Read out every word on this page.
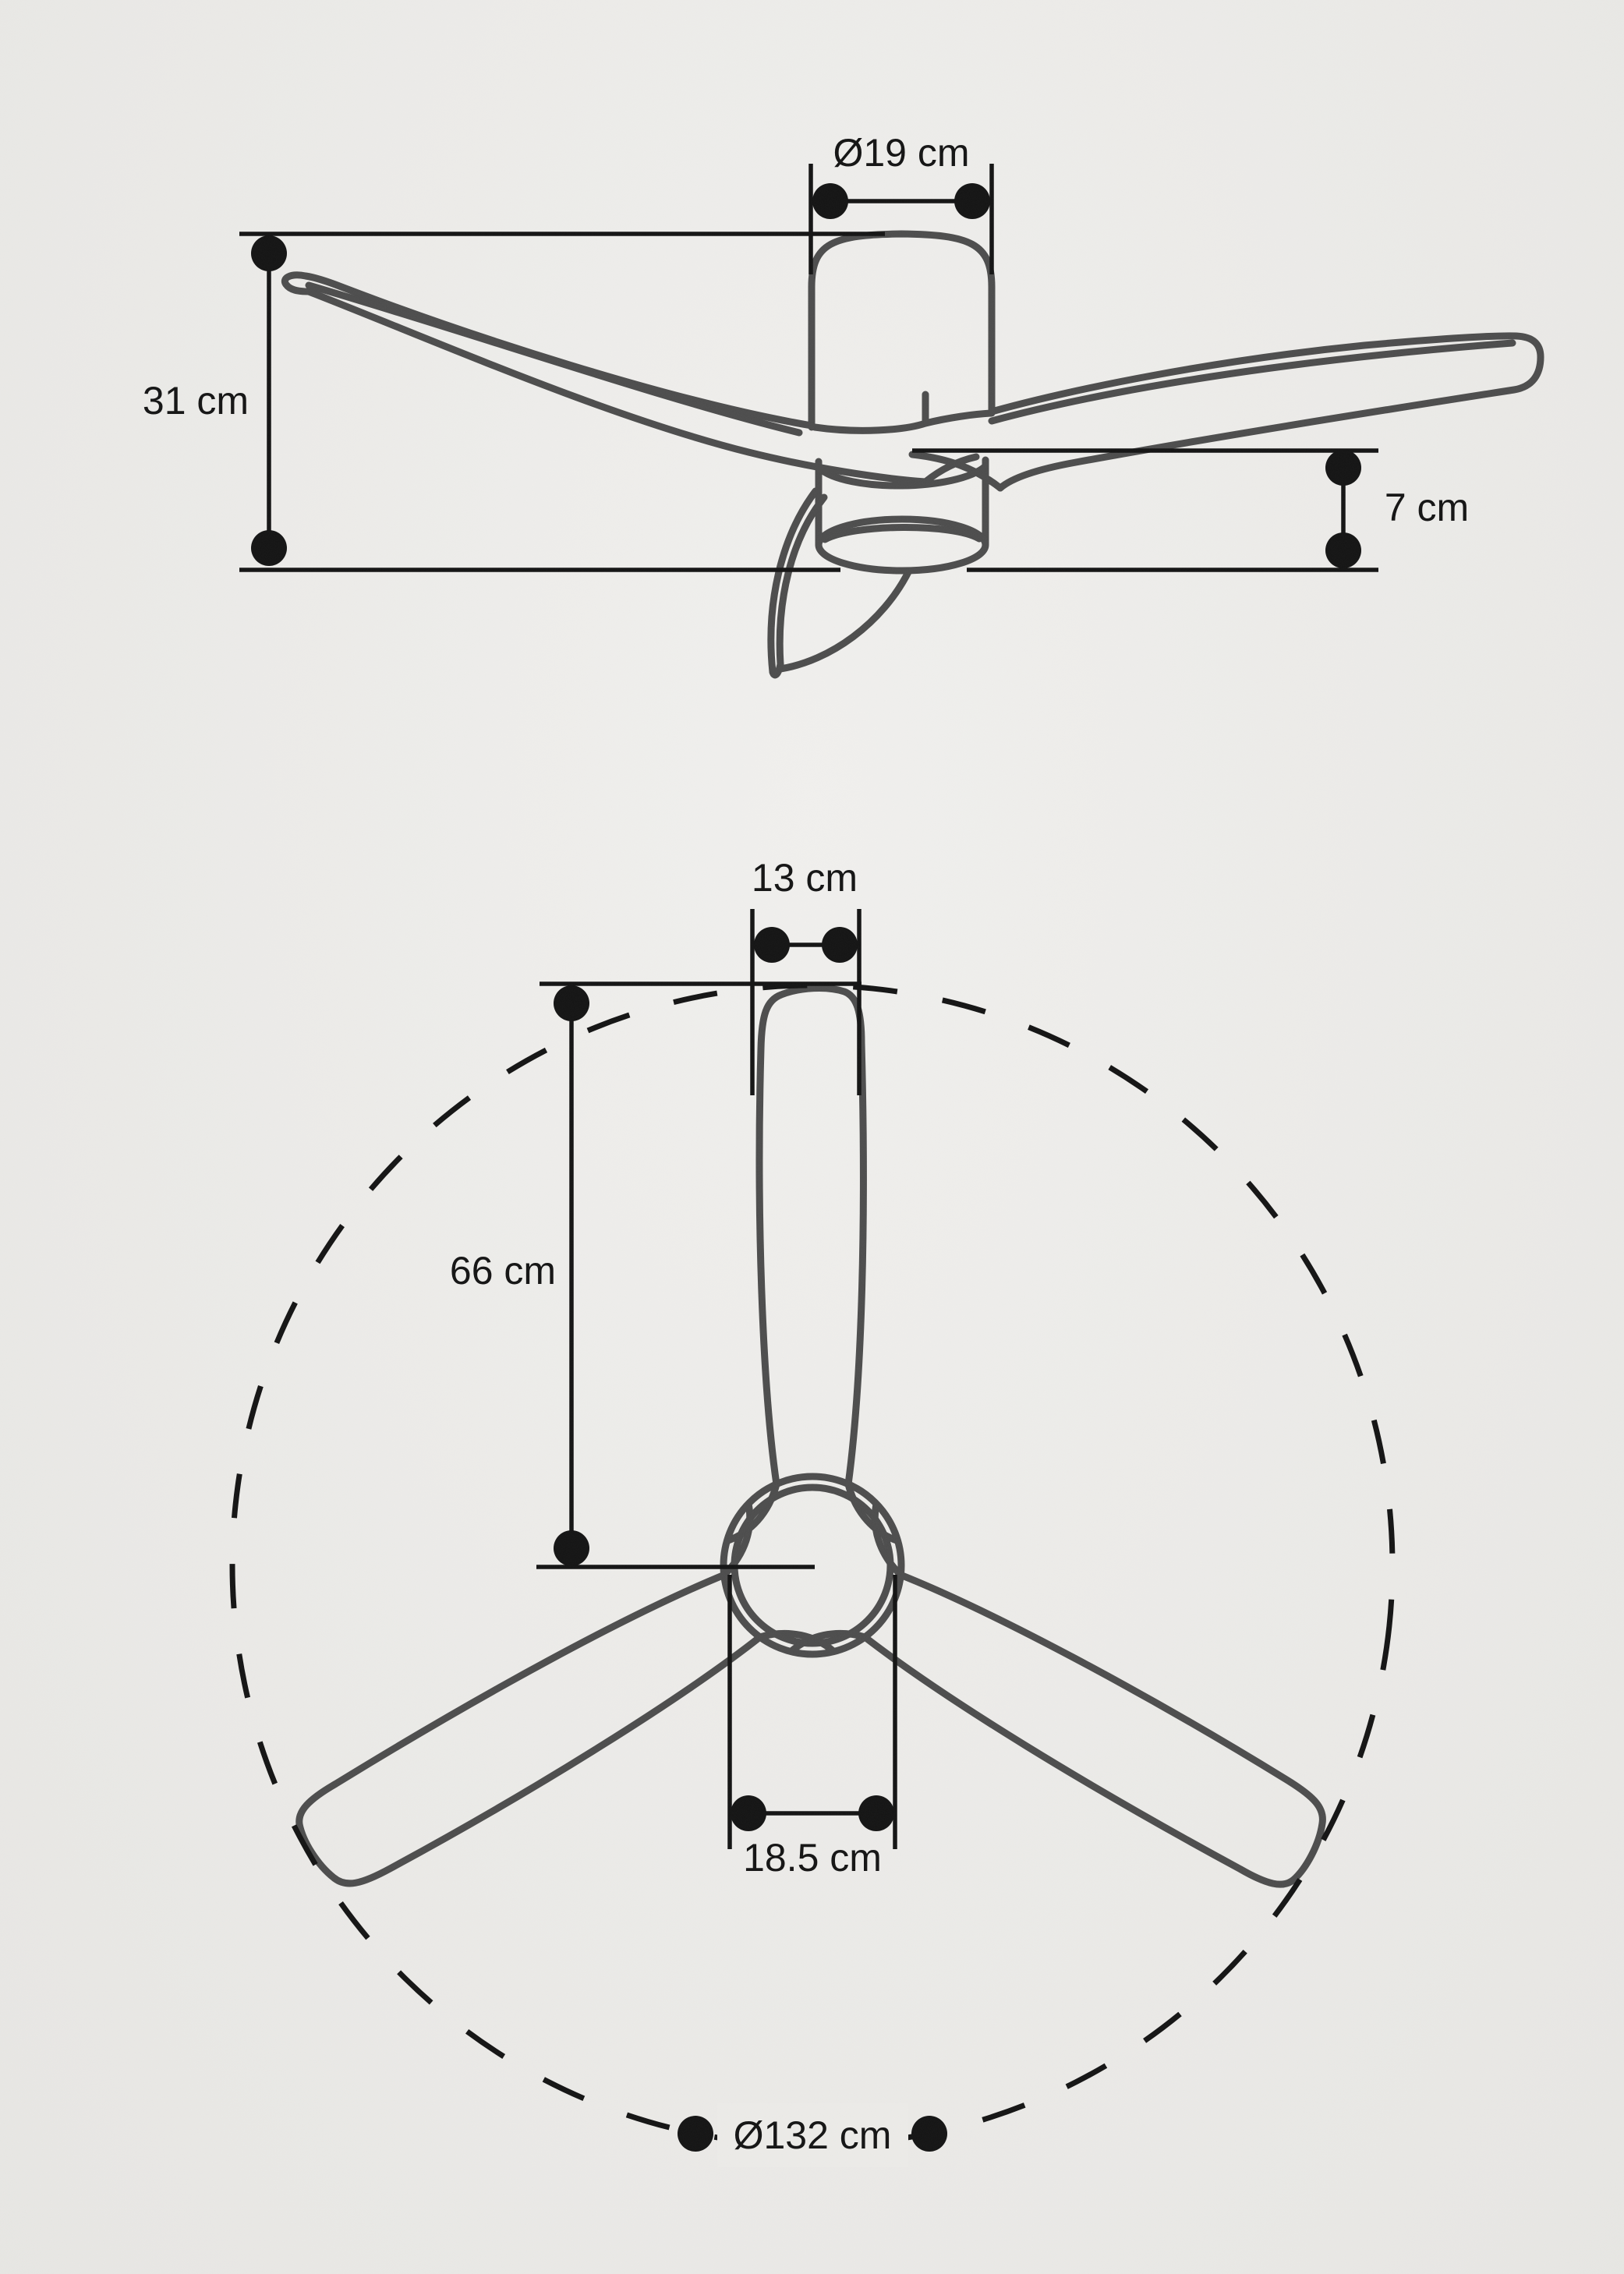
Ø19 cm
31 cm
7 cm
13 cm
66 cm
18.5 cm
Ø132 cm
